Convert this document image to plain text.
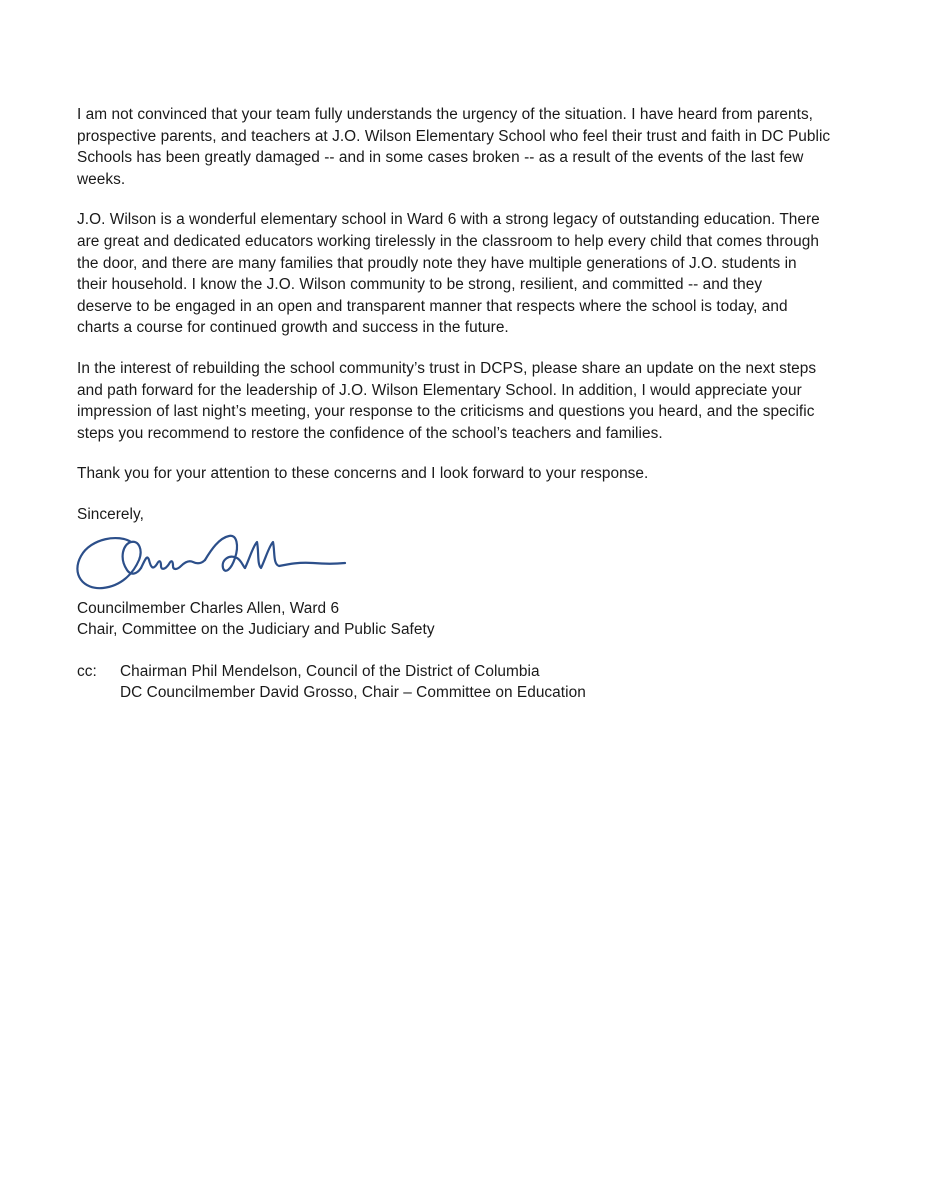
I am not convinced that your team fully understands the urgency of the situation. I have heard from parents,
prospective parents, and teachers at J.O. Wilson Elementary School who feel their trust and faith in DC Public
Schools has been greatly damaged -- and in some cases broken -- as a result of the events of the last few
weeks.

J.O. Wilson is a wonderful elementary school in Ward 6 with a strong legacy of outstanding education. There
are great and dedicated educators working tirelessly in the classroom to help every child that comes through
the door, and there are many families that proudly note they have multiple generations of J.O. students in
their household. I know the J.O. Wilson community to be strong, resilient, and committed -- and they
deserve to be engaged in an open and transparent manner that respects where the school is today, and
charts a course for continued growth and success in the future.

In the interest of rebuilding the school community’s trust in DCPS, please share an update on the next steps
and path forward for the leadership of J.O. Wilson Elementary School. In addition, I would appreciate your
impression of last night’s meeting, your response to the criticisms and questions you heard, and the specific
steps you recommend to restore the confidence of the school’s teachers and families.

Thank you for your attention to these concerns and I look forward to your response.

Sincerely,

Councilmember Charles Allen, Ward 6

Chair, Committee on the Judiciary and Public Safety

cc:	Chairman Phil Mendelson, Council of the District of Columbia
DC Councilmember David Grosso, Chair – Committee on Education
